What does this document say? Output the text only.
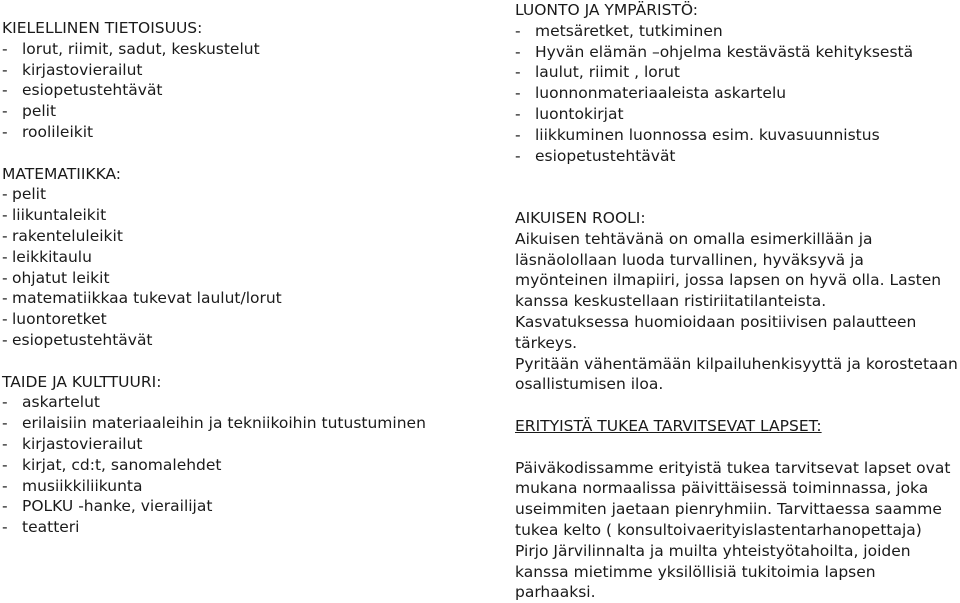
KIELELLINEN TIETOISUUS:
- lorut, riimit, sadut, keskustelut
- kirjastovierailut
- esiopetustehtävät
- pelit
- roolileikit
MATEMATIIKKA:
- pelit
- liikuntaleikit
- rakenteluleikit
- leikkitaulu
- ohjatut leikit
- matematiikkaa tukevat laulut/lorut
- luontoretket
- esiopetustehtävät
TAIDE JA KULTTUURI:
- askartelut
- erilaisiin materiaaleihin ja tekniikoihin tutustuminen
- kirjastovierailut
- kirjat, cd:t, sanomalehdet
- musiikkiliikunta
- POLKU -hanke, vierailijat
- teatteri
LUONTO JA YMPÄRISTÖ:
- metsäretket, tutkiminen
- Hyvän elämän –ohjelma kestävästä kehityksestä
- laulut, riimit , lorut
- luonnonmateriaaleista askartelu
- luontokirjat
- liikkuminen luonnossa esim. kuvasuunnistus
- esiopetustehtävät
AIKUISEN ROOLI:
Aikuisen tehtävänä on omalla esimerkillään ja läsnäolollaan luoda turvallinen, hyväksyvä ja myönteinen ilmapiiri, jossa lapsen on hyvä olla. Lasten kanssa keskustellaan ristiriitatilanteista.
Kasvatuksessa huomioidaan positiivisen palautteen tärkeys.
Pyritään vähentämään kilpailuhenkisyyttä ja korostetaan osallistumisen iloa.
ERITYISTÄ TUKEA TARVITSEVAT LAPSET:
Päiväkodissamme erityistä tukea tarvitsevat lapset ovat mukana normaalissa päivittäisessä toiminnassa, joka useimmiten jaetaan pienryhmiin. Tarvittaessa saamme tukea kelto ( konsultoivaerityislastentarhanopettaja) Pirjo Järvilinnalta ja muilta yhteistyötahoilta, joiden kanssa mietimme yksilöllisiä tukitoimia lapsen parhaaksi.
